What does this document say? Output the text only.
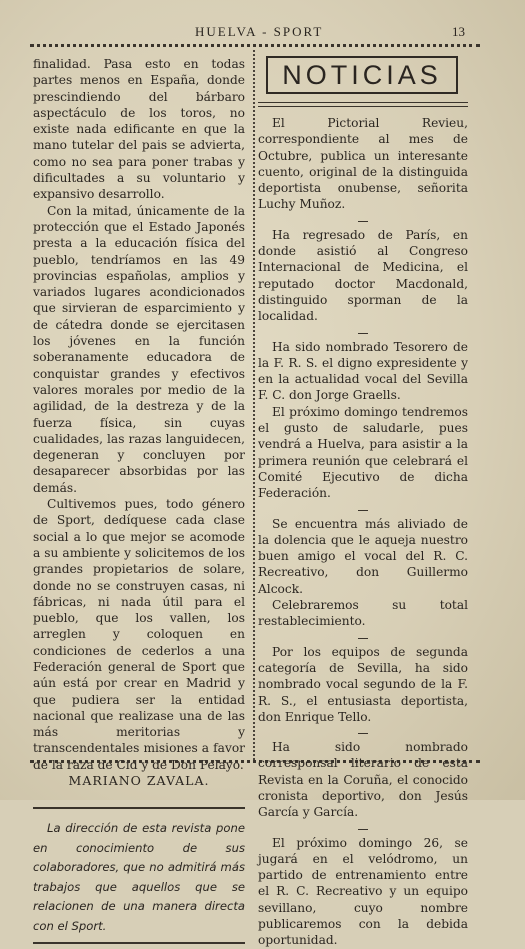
HUELVA - SPORT	13

finalidad. Pasa esto en todas partes menos en España, donde prescindiendo del bárbaro aspectáculo de los toros, no existe nada edificante en que la mano tutelar del pais se advierta, como no sea para poner trabas y dificultades a su voluntario y expansivo desarrollo.

Con la mitad, únicamente de la protección que el Estado Japonés presta a la educación física del pueblo, tendríamos en las 49 provincias españolas, amplios y variados lugares acondicionados que sirvieran de esparcimiento y de cátedra donde se ejercitasen los jóvenes en la función soberanamente educadora de conquistar grandes y efectivos valores morales por medio de la agilidad, de la destreza y de la fuerza física, sin cuyas cualidades, las razas languidecen, degeneran y concluyen por desaparecer absorbidas por las demás.

Cultivemos pues, todo género de Sport, dedíquese cada clase social a lo que mejor se acomode a su ambiente y solicitemos de los grandes propietarios de solare, donde no se construyen casas, ni fábricas, ni nada útil para el pueblo, que los vallen, los arreglen y coloquen en condiciones de cederlos a una Federación general de Sport que aún está por crear en Madrid y que pudiera ser la entidad nacional que realizase una de las más meritorias y transcendentales misiones a favor de la raza de Cid y de Don Pelayo.

MARIANO ZAVALA.

La dirección de esta revista pone en conocimiento de sus colaboradores, que no admitirá más trabajos que aquellos que se relacionen de una manera directa con el Sport.

NOTICIAS

El Pictorial Revieu, correspondiente al mes de Octubre, publica un interesante cuento, original de la distinguida deportista onubense, señorita Luchy Muñoz.

Ha regresado de París, en donde asistió al Congreso Internacional de Medicina, el reputado doctor Macdonald, distinguido sporman de la localidad.

Ha sido nombrado Tesorero de la F. R. S. el digno expresidente y en la actualidad vocal del Sevilla F. C. don Jorge Graells.

El próximo domingo tendremos el gusto de saludarle, pues vendrá a Huelva, para asistir a la primera reunión que celebrará el Comité Ejecutivo de dicha Federación.

Se encuentra más aliviado de la dolencia que le aqueja nuestro buen amigo el vocal del R. C. Recreativo, don Guillermo Alcock.

Celebraremos su total restablecimiento.

Por los equipos de segunda categoría de Sevilla, ha sido nombrado vocal segundo de la F. R. S., el entusiasta deportista, don Enrique Tello.

Ha sido nombrado corresponsal literario de esta Revista en la Coruña, el conocido cronista deportivo, don Jesús García y García.

El próximo domingo 26, se jugará en el velódromo, un partido de entrenamiento entre el R. C. Recreativo y un equipo sevillano, cuyo nombre publicaremos con la debida oportunidad.
